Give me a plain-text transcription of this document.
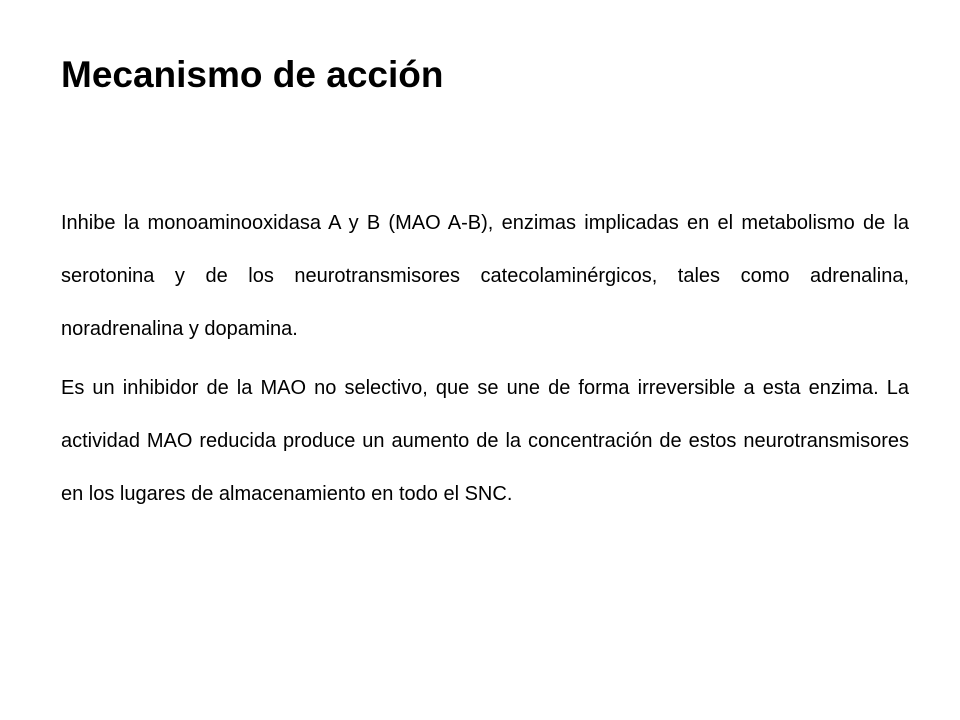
Mecanismo de acción

Inhibe la monoaminooxidasa A y B (MAO A-B), enzimas implicadas en el metabolismo de la serotonina y de los neurotransmisores catecolaminérgicos, tales como adrenalina, noradrenalina y dopamina.

Es un inhibidor de la MAO no selectivo, que se une de forma irreversible a esta enzima. La actividad MAO reducida produce un aumento de la concentración de estos neurotransmisores en los lugares de almacenamiento en todo el SNC.
